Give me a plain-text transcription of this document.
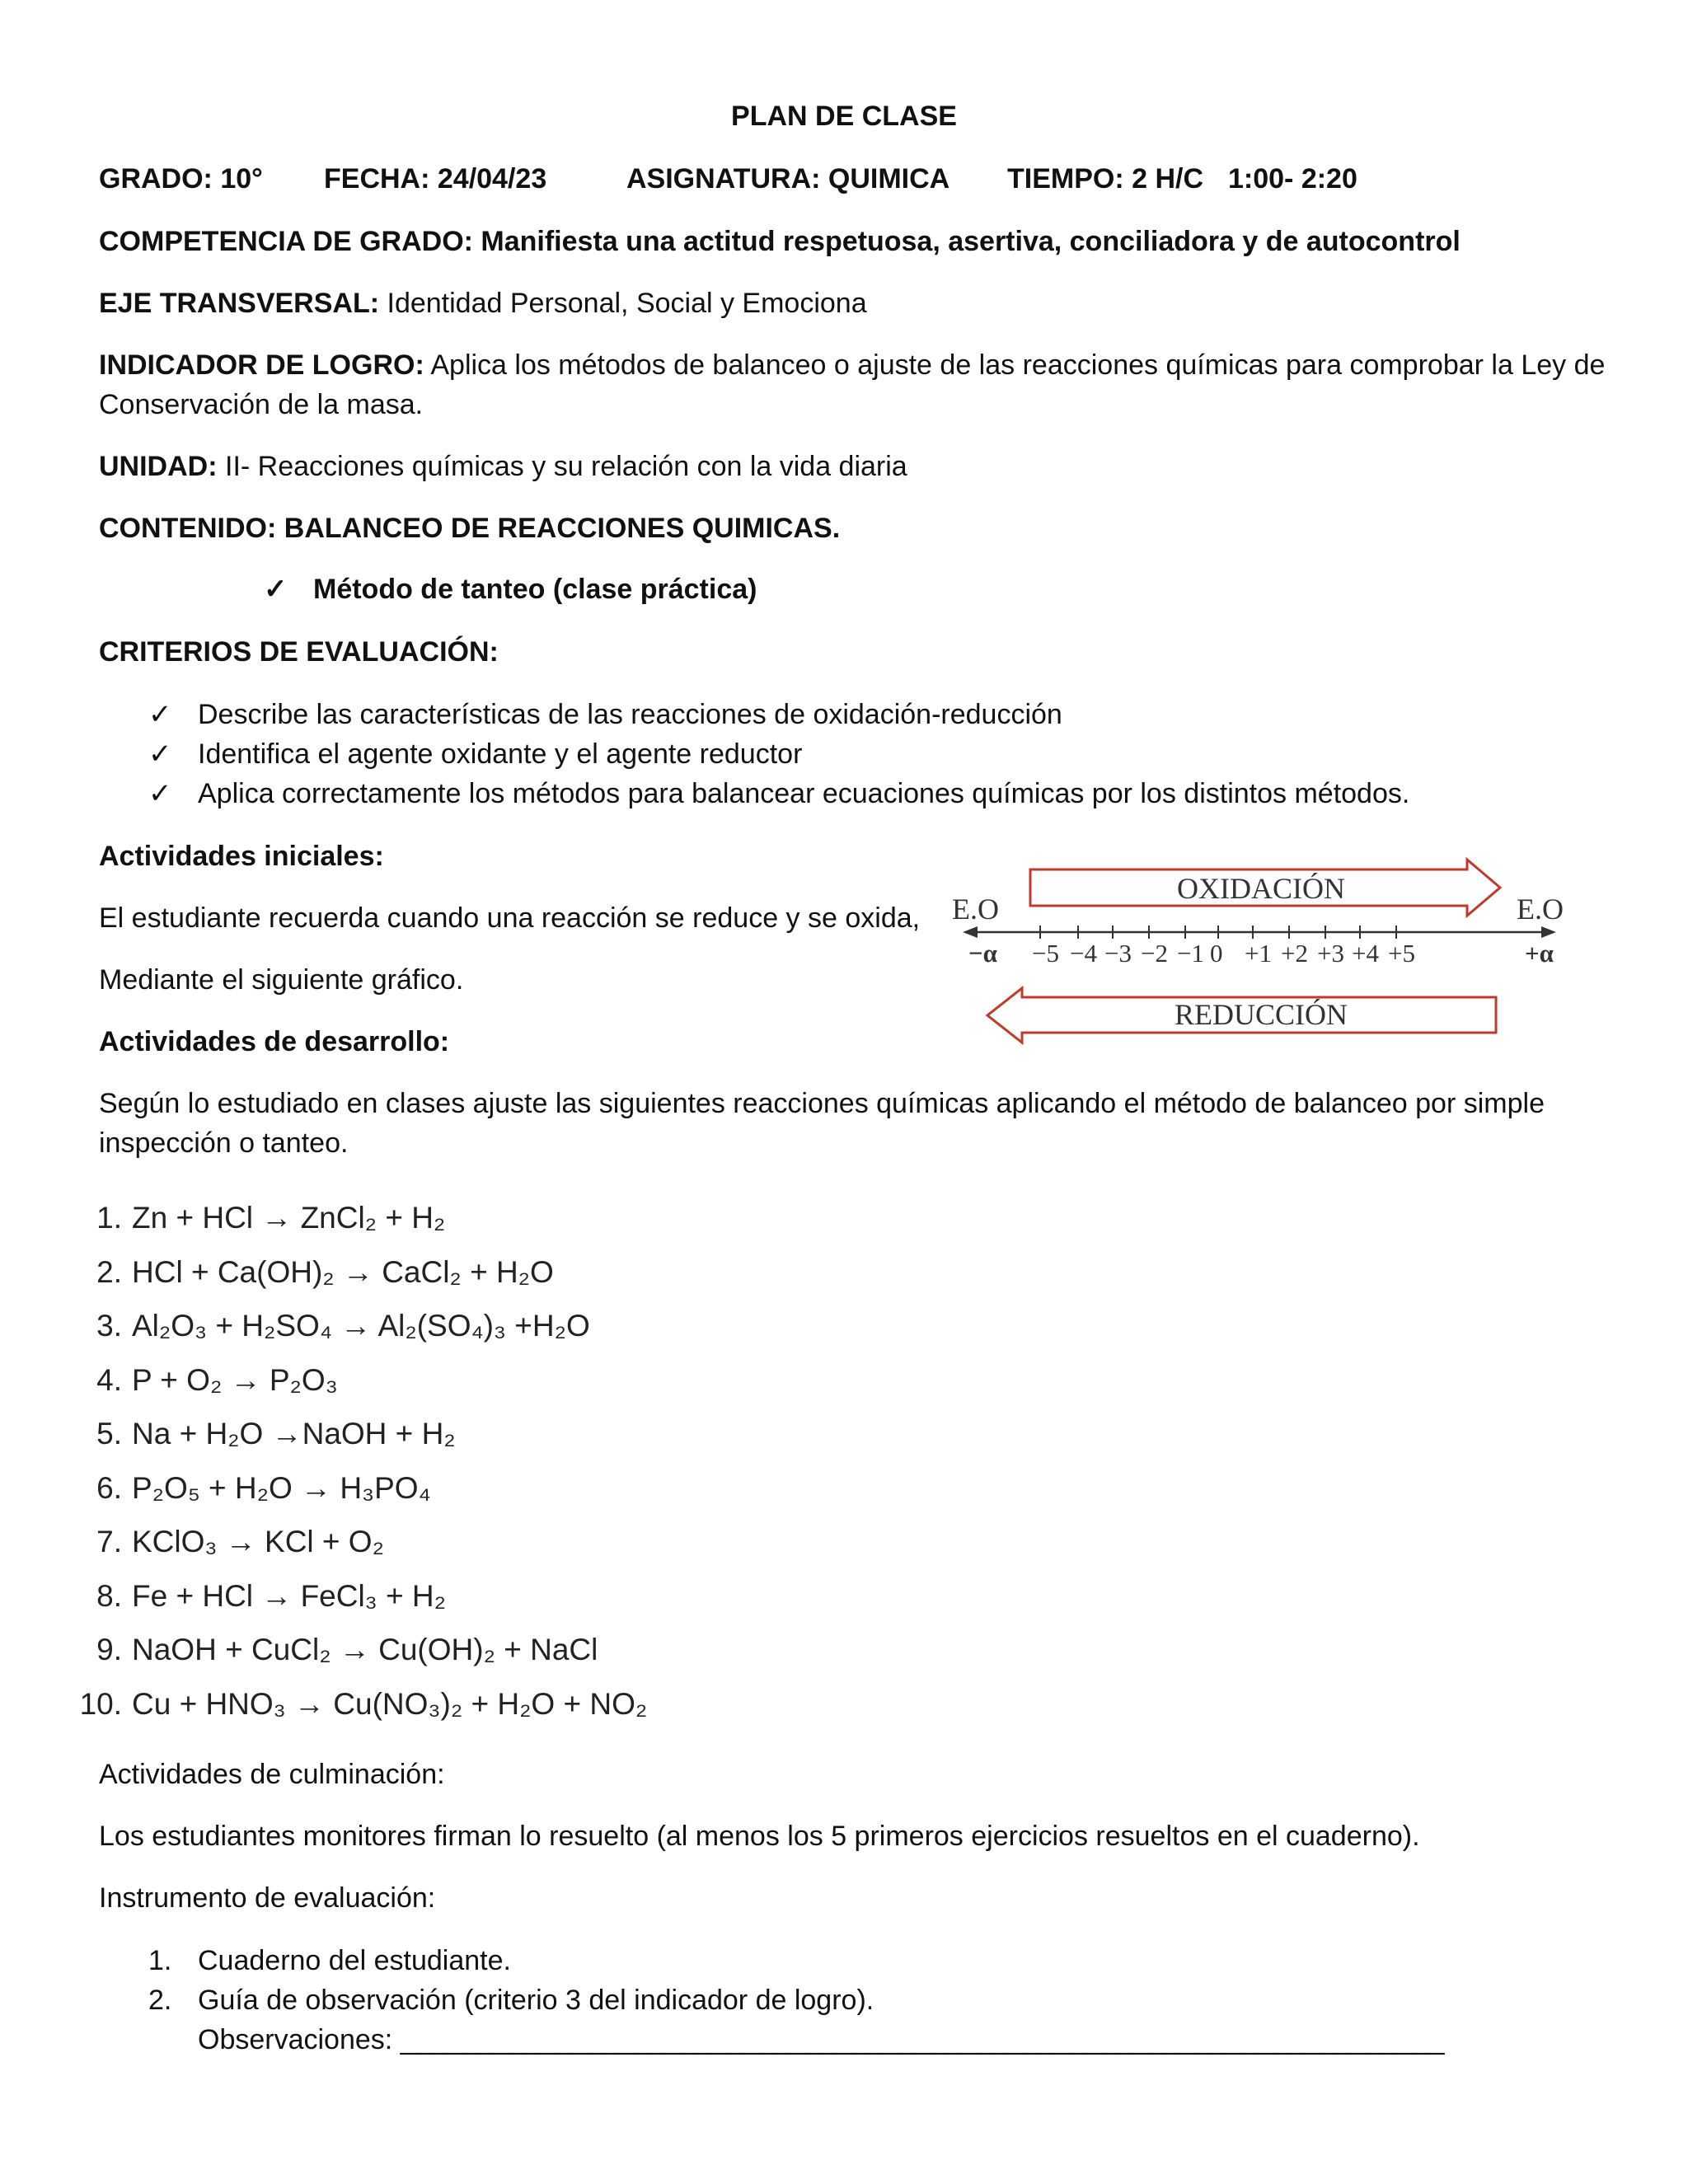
PLAN DE CLASE
GRADO: 10° FECHA: 24/04/23	ASIGNATURA: QUIMICA TIEMPO: 2 H/C 1:00- 2:20
COMPETENCIA DE GRADO: Manifiesta una actitud respetuosa, asertiva, conciliadora y de autocontrol
EJE TRANSVERSAL: Identidad Personal, Social y Emociona
INDICADOR DE LOGRO: Aplica los métodos de balanceo o ajuste de las reacciones químicas para comprobar la Ley de
Conservación de la masa.
UNIDAD: II- Reacciones químicas y su relación con la vida diaria
CONTENIDO: BALANCEO DE REACCIONES QUIMICAS.
✓ Método de tanteo (clase práctica)
CRITERIOS DE EVALUACIÓN:
✓ Describe las características de las reacciones de oxidación-reducción
✓ Identifica el agente oxidante y el agente reductor
✓ Aplica correctamente los métodos para balancear ecuaciones químicas por los distintos métodos.
Actividades iniciales:
El estudiante recuerda cuando una reacción se reduce y se oxida,
Mediante el siguiente gráfico.
OXIDACIÓN
REDUCCIÓN
E.O	E.O
−α −5 −4 −3 −2 −1 0 +1 +2 +3 +4 +5	+α
Actividades de desarrollo:
Según lo estudiado en clases ajuste las siguientes reacciones químicas aplicando el método de balanceo por simple
inspección o tanteo.
1. Zn + HCl → ZnCl₂ + H₂
2. HCl + Ca(OH)₂ → CaCl₂ + H₂O
3. Al₂O₃ + H₂SO₄ → Al₂(SO₄)₃ +H₂O
4. P + O₂ → P₂O₃
5. Na + H₂O →NaOH + H₂
6. P₂O₅ + H₂O → H₃PO₄
7. KClO₃ → KCl + O₂
8. Fe + HCl → FeCl₃ + H₂
9. NaOH + CuCl₂ → Cu(OH)₂ + NaCl
10. Cu + HNO₃ → Cu(NO₃)₂ + H₂O + NO₂
Actividades de culminación:
Los estudiantes monitores firman lo resuelto (al menos los 5 primeros ejercicios resueltos en el cuaderno).
Instrumento de evaluación:
1. Cuaderno del estudiante.
2. Guía de observación (criterio 3 del indicador de logro).
Observaciones: ___________________________________________________________________
